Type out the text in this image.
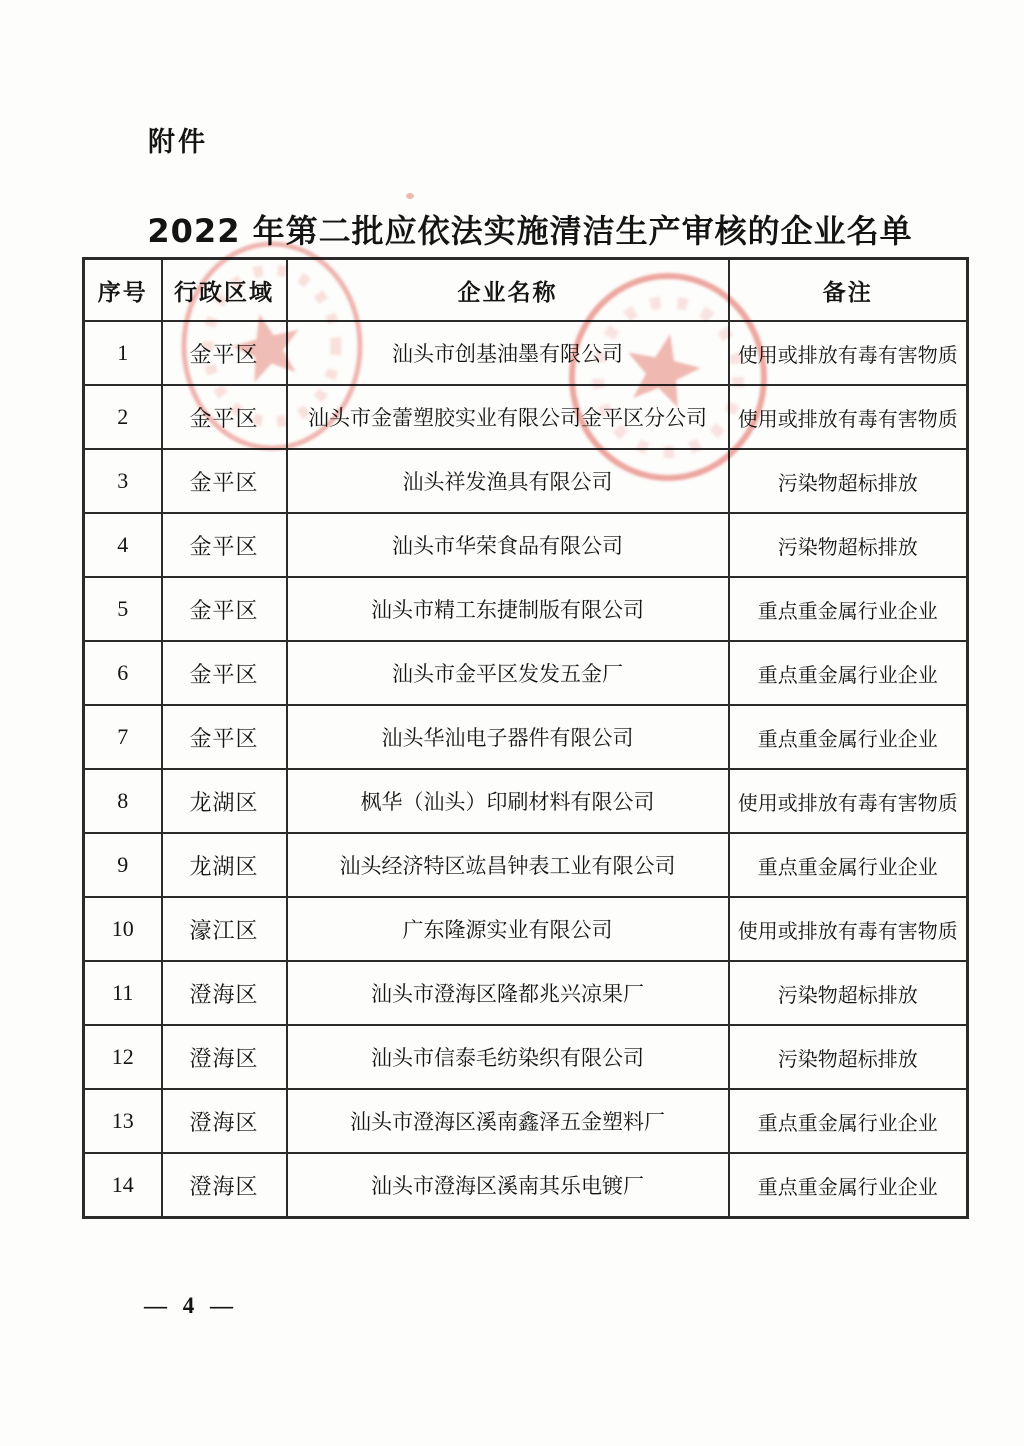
附件
2022 年第二批应依法实施清洁生产审核的企业名单
序号	行政区域	企业名称	备注
1	金平区	汕头市创基油墨有限公司	使用或排放有毒有害物质
2	金平区	汕头市金蕾塑胶实业有限公司金平区分公司	使用或排放有毒有害物质
3	金平区	汕头祥发渔具有限公司	污染物超标排放
4	金平区	汕头市华荣食品有限公司	污染物超标排放
5	金平区	汕头市精工东捷制版有限公司	重点重金属行业企业
6	金平区	汕头市金平区发发五金厂	重点重金属行业企业
7	金平区	汕头华汕电子器件有限公司	重点重金属行业企业
8	龙湖区	枫华（汕头）印刷材料有限公司	使用或排放有毒有害物质
9	龙湖区	汕头经济特区竑昌钟表工业有限公司	重点重金属行业企业
10	濠江区	广东隆源实业有限公司	使用或排放有毒有害物质
11	澄海区	汕头市澄海区隆都兆兴凉果厂	污染物超标排放
12	澄海区	汕头市信泰毛纺染织有限公司	污染物超标排放
13	澄海区	汕头市澄海区溪南鑫泽五金塑料厂	重点重金属行业企业
14	澄海区	汕头市澄海区溪南其乐电镀厂	重点重金属行业企业
— 4 —
